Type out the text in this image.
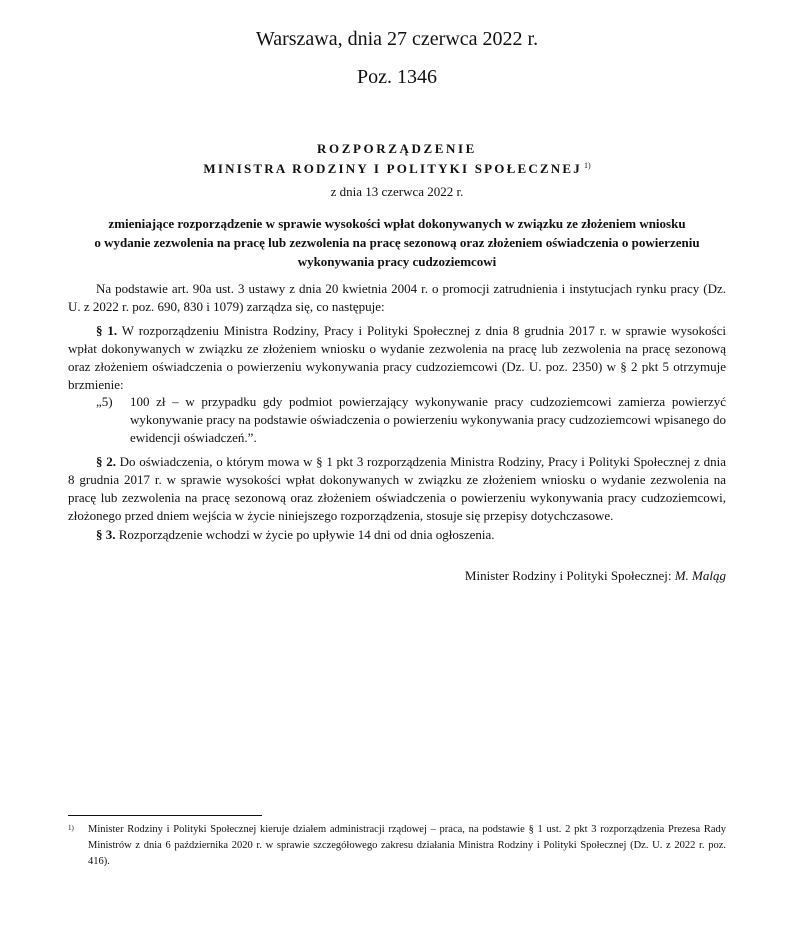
Warszawa, dnia 27 czerwca 2022 r.
Poz. 1346
ROZPORZĄDZENIE
MINISTRA RODZINY I POLITYKI SPOŁECZNEJ $^{1)}$
z dnia 13 czerwca 2022 r.
zmieniające rozporządzenie w sprawie wysokości wpłat dokonywanych w związku ze złożeniem wniosku
o wydanie zezwolenia na pracę lub zezwolenia na pracę sezonową oraz złożeniem oświadczenia o powierzeniu
wykonywania pracy cudzoziemcowi
Na podstawie art. 90a ust. 3 ustawy z dnia 20 kwietnia 2004 r. o promocji zatrudnienia i instytucjach rynku pracy (Dz. U. z 2022 r. poz. 690, 830 i 1079) zarządza się, co następuje:
§ 1. W rozporządzeniu Ministra Rodziny, Pracy i Polityki Społecznej z dnia 8 grudnia 2017 r. w sprawie wysokości wpłat dokonywanych w związku ze złożeniem wniosku o wydanie zezwolenia na pracę lub zezwolenia na pracę sezonową oraz złożeniem oświadczenia o powierzeniu wykonywania pracy cudzoziemcowi (Dz. U. poz. 2350) w § 2 pkt 5 otrzymuje brzmienie:
„5) 100 zł – w przypadku gdy podmiot powierzający wykonywanie pracy cudzoziemcowi zamierza powierzyć wykonywanie pracy na podstawie oświadczenia o powierzeniu wykonywania pracy cudzoziemcowi wpisanego do ewidencji oświadczeń.”.
§ 2. Do oświadczenia, o którym mowa w § 1 pkt 3 rozporządzenia Ministra Rodziny, Pracy i Polityki Społecznej z dnia 8 grudnia 2017 r. w sprawie wysokości wpłat dokonywanych w związku ze złożeniem wniosku o wydanie zezwolenia na pracę lub zezwolenia na pracę sezonową oraz złożeniem oświadczenia o powierzeniu wykonywania pracy cudzoziemcowi, złożonego przed dniem wejścia w życie niniejszego rozporządzenia, stosuje się przepisy dotychczasowe.
§ 3. Rozporządzenie wchodzi w życie po upływie 14 dni od dnia ogłoszenia.
Minister Rodziny i Polityki Społecznej: M. Maląg
1) Minister Rodziny i Polityki Społecznej kieruje działem administracji rządowej – praca, na podstawie § 1 ust. 2 pkt 3 rozporządzenia Prezesa Rady Ministrów z dnia 6 października 2020 r. w sprawie szczegółowego zakresu działania Ministra Rodziny i Polityki Społecznej (Dz. U. z 2022 r. poz. 416).
